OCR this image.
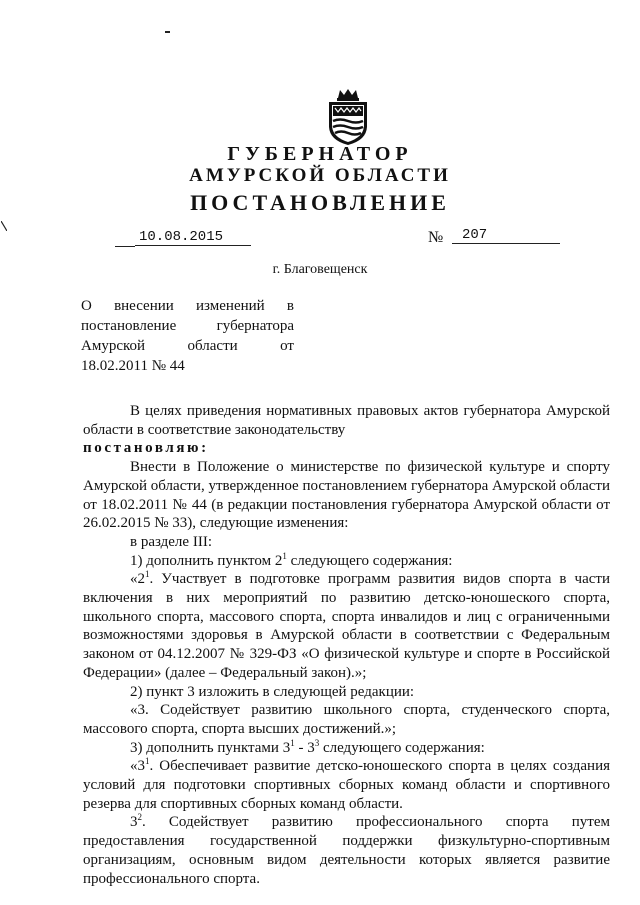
ГУБЕРНАТОР
АМУРСКОЙ ОБЛАСТИ
ПОСТАНОВЛЕНИЕ
10.08.2015	№	207
г. Благовещенск
О внесении изменений в
постановление губернатора
Амурской области от
18.02.2011 № 44

В целях приведения нормативных правовых актов губернатора Амурской области в соответствие законодательству

постановляю:

Внести в Положение о министерстве по физической культуре и спорту Амурской области, утвержденное постановлением губернатора Амурской области от 18.02.2011 № 44 (в редакции постановления губернатора Амурской области от 26.02.2015 № 33), следующие изменения:

в разделе III:

1) дополнить пунктом $2^1$ следующего содержания:

«$2^1$. Участвует в подготовке программ развития видов спорта в части включения в них мероприятий по развитию детско-юношеского спорта, школьного спорта, массового спорта, спорта инвалидов и лиц с ограниченными возможностями здоровья в Амурской области в соответствии с Федеральным законом от 04.12.2007 № 329-ФЗ «О физической культуре и спорте в Российской Федерации» (далее – Федеральный закон).»;

2) пункт 3 изложить в следующей редакции:

«3. Содействует развитию школьного спорта, студенческого спорта, массового спорта, спорта высших достижений.»;

3) дополнить пунктами $3^1 - 3^3$ следующего содержания:

«$3^1$. Обеспечивает развитие детско-юношеского спорта в целях создания условий для подготовки спортивных сборных команд области и спортивного резерва для спортивных сборных команд области.

$3^2$. Содействует развитию профессионального спорта путем предоставления государственной поддержки физкультурно-спортивным организациям, основным видом деятельности которых является развитие профессионального спорта.
